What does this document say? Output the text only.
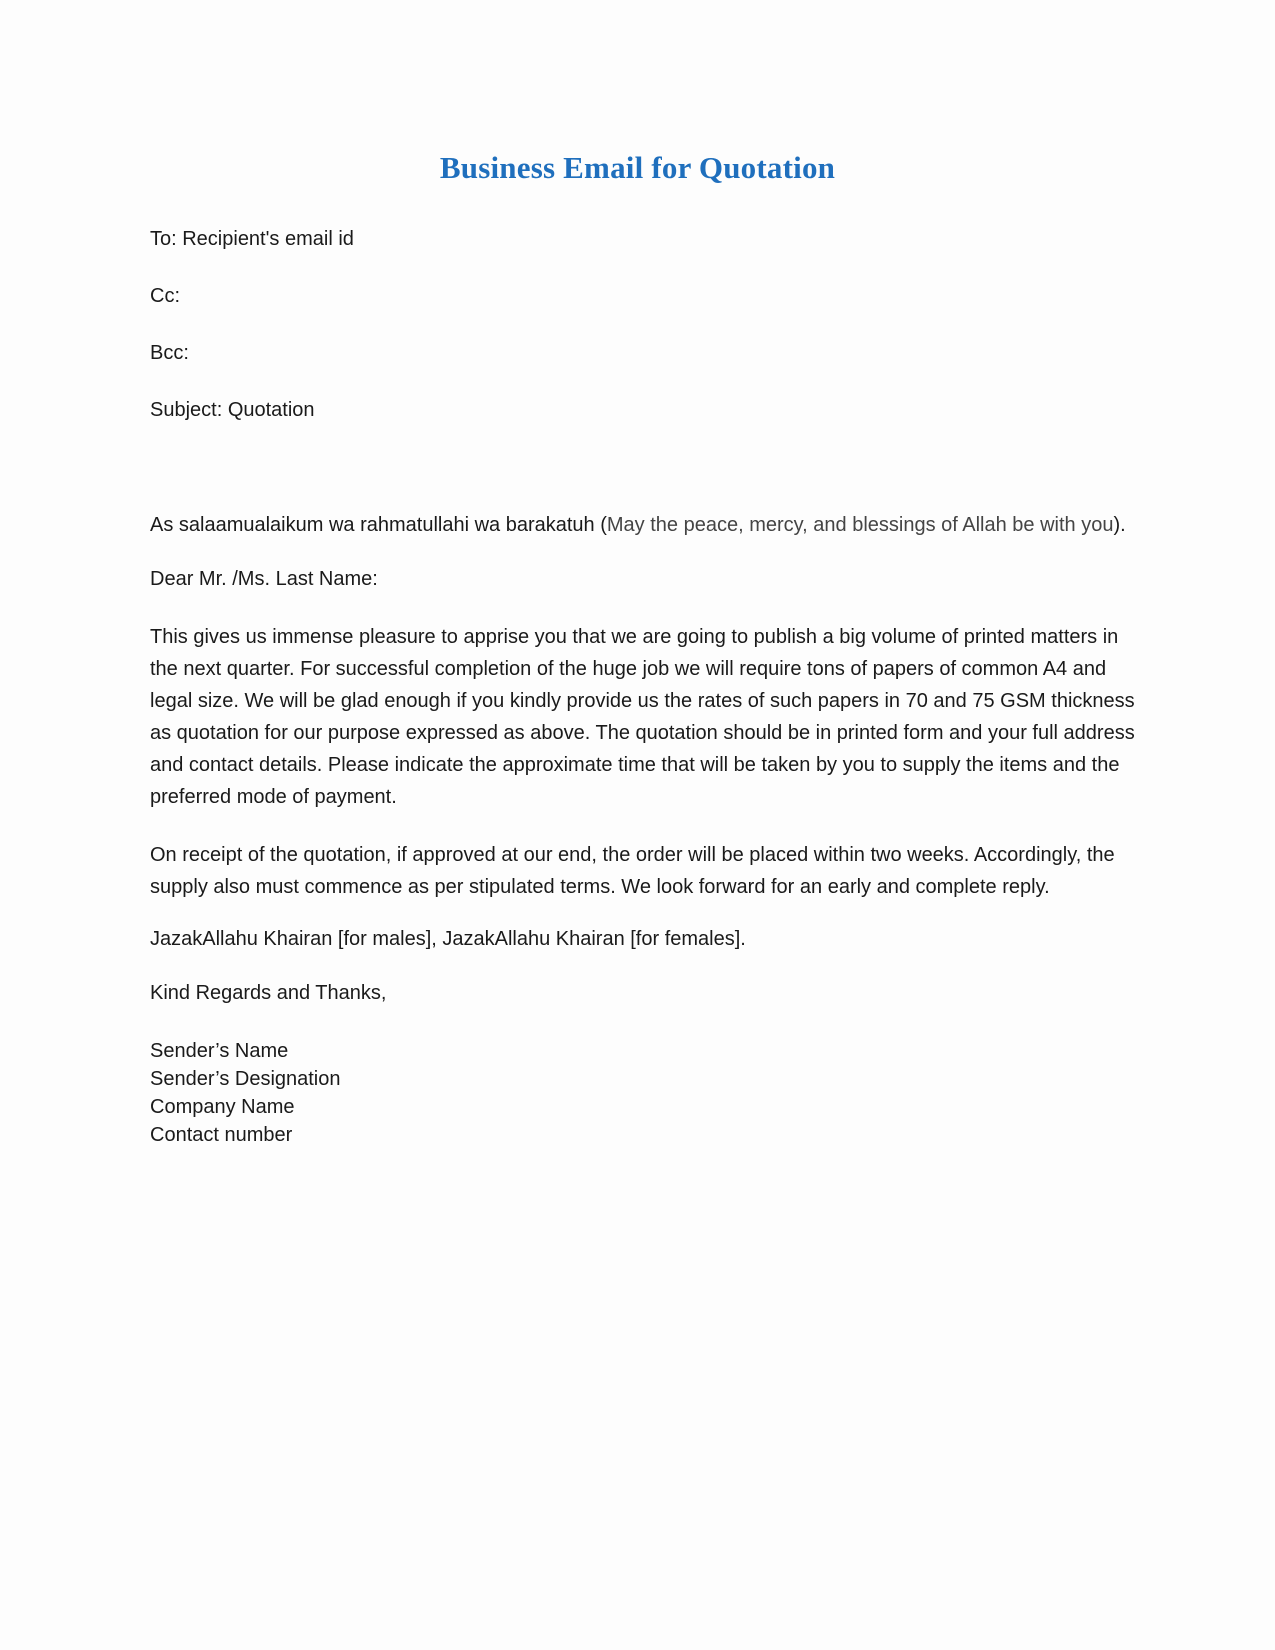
Business Email for Quotation

To: Recipient's email id

Cc:

Bcc:

Subject: Quotation

As salaamualaikum wa rahmatullahi wa barakatuh (May the peace, mercy, and blessings of Allah be with you).

Dear Mr. /Ms. Last Name:

This gives us immense pleasure to apprise you that we are going to publish a big volume of printed matters in the next quarter. For successful completion of the huge job we will require tons of papers of common A4 and legal size. We will be glad enough if you kindly provide us the rates of such papers in 70 and 75 GSM thickness as quotation for our purpose expressed as above. The quotation should be in printed form and your full address and contact details. Please indicate the approximate time that will be taken by you to supply the items and the preferred mode of payment.

On receipt of the quotation, if approved at our end, the order will be placed within two weeks. Accordingly, the supply also must commence as per stipulated terms. We look forward for an early and complete reply.

JazakAllahu Khairan [for males], JazakAllahu Khairan [for females].

Kind Regards and Thanks,

Sender’s Name

Sender’s Designation

Company Name

Contact number
